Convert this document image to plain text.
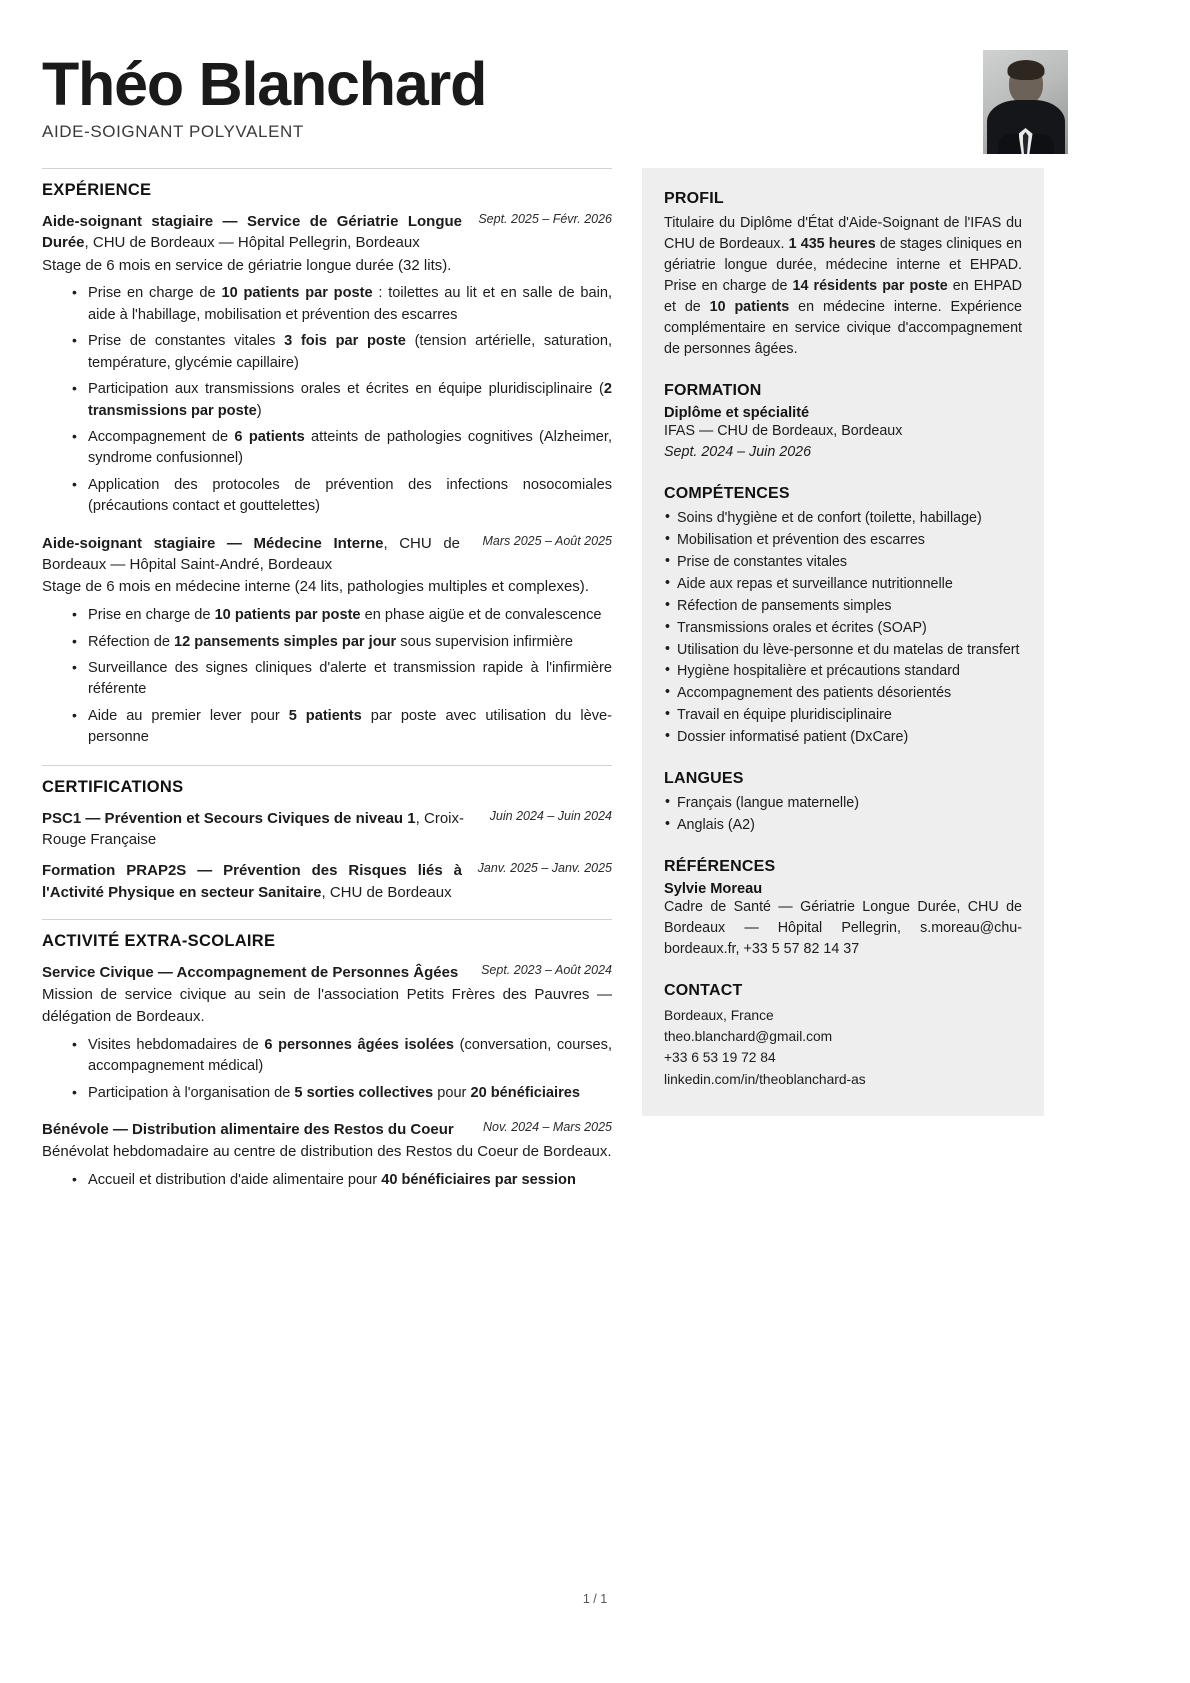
Théo Blanchard
AIDE-SOIGNANT POLYVALENT
EXPÉRIENCE
Sept. 2025 – Févr. 2026

Aide-soignant stagiaire — Service de Gériatrie Longue Durée, CHU de Bordeaux — Hôpital Pellegrin, Bordeaux

Stage de 6 mois en service de gériatrie longue durée (32 lits).

• Prise en charge de 10 patients par poste : toilettes au lit et en salle de bain, aide à l'habillage, mobilisation et prévention des escarres
• Prise de constantes vitales 3 fois par poste (tension artérielle, saturation, température, glycémie capillaire)
• Participation aux transmissions orales et écrites en équipe pluridisciplinaire (2 transmissions par poste)
• Accompagnement de 6 patients atteints de pathologies cognitives (Alzheimer, syndrome confusionnel)
• Application des protocoles de prévention des infections nosocomiales (précautions contact et gouttelettes)
Mars 2025 – Août 2025

Aide-soignant stagiaire — Médecine Interne, CHU de Bordeaux — Hôpital Saint-André, Bordeaux

Stage de 6 mois en médecine interne (24 lits, pathologies multiples et complexes).

• Prise en charge de 10 patients par poste en phase aigüe et de convalescence
• Réfection de 12 pansements simples par jour sous supervision infirmière
• Surveillance des signes cliniques d'alerte et transmission rapide à l'infirmière référente
• Aide au premier lever pour 5 patients par poste avec utilisation du lève-personne
CERTIFICATIONS
Juin 2024 – Juin 2024

PSC1 — Prévention et Secours Civiques de niveau 1, Croix-Rouge Française

Janv. 2025 – Janv. 2025

Formation PRAP2S — Prévention des Risques liés à l'Activité Physique en secteur Sanitaire, CHU de Bordeaux

ACTIVITÉ EXTRA-SCOLAIRE
Sept. 2023 – Août 2024

Service Civique — Accompagnement de Personnes Âgées

Mission de service civique au sein de l'association Petits Frères des Pauvres — délégation de Bordeaux.

• Visites hebdomadaires de 6 personnes âgées isolées (conversation, courses, accompagnement médical)
• Participation à l'organisation de 5 sorties collectives pour 20 bénéficiaires
Nov. 2024 – Mars 2025

Bénévole — Distribution alimentaire des Restos du Coeur

Bénévolat hebdomadaire au centre de distribution des Restos du Coeur de Bordeaux.

• Accueil et distribution d'aide alimentaire pour 40 bénéficiaires par session
PROFIL

Titulaire du Diplôme d'État d'Aide-Soignant de l'IFAS du CHU de Bordeaux. 1 435 heures de stages cliniques en gériatrie longue durée, médecine interne et EHPAD. Prise en charge de 14 résidents par poste en EHPAD et de 10 patients en médecine interne. Expérience complémentaire en service civique d'accompagnement de personnes âgées.

FORMATION

Diplôme et spécialité

IFAS — CHU de Bordeaux, Bordeaux

Sept. 2024 – Juin 2026

COMPÉTENCES
• Soins d'hygiène et de confort (toilette, habillage)
• Mobilisation et prévention des escarres
• Prise de constantes vitales
• Aide aux repas et surveillance nutritionnelle
• Réfection de pansements simples
• Transmissions orales et écrites (SOAP)
• Utilisation du lève-personne et du matelas de transfert
• Hygiène hospitalière et précautions standard
• Accompagnement des patients désorientés
• Travail en équipe pluridisciplinaire
• Dossier informatisé patient (DxCare)
LANGUES
• Français (langue maternelle)
• Anglais (A2)
RÉFÉRENCES

Sylvie Moreau

Cadre de Santé — Gériatrie Longue Durée, CHU de Bordeaux — Hôpital Pellegrin, s.moreau@chu-bordeaux.fr, +33 5 57 82 14 37

CONTACT
Bordeaux, France
theo.blanchard@gmail.com
+33 6 53 19 72 84
linkedin.com/in/theoblanchard-as
1 / 1
